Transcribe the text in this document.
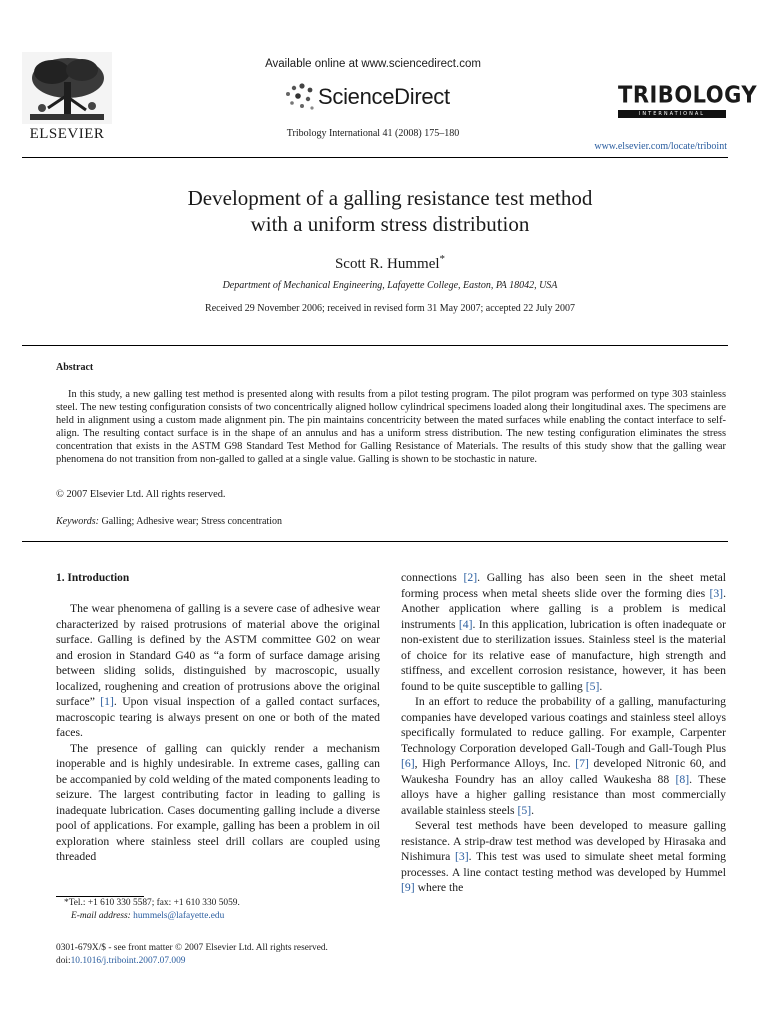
ELSEVIER
Available online at www.sciencedirect.com
ScienceDirect
Tribology International 41 (2008) 175–180
TRIBOLOGY
INTERNATIONAL
www.elsevier.com/locate/triboint
Development of a galling resistance test method
with a uniform stress distribution
Scott R. Hummel*
Department of Mechanical Engineering, Lafayette College, Easton, PA 18042, USA
Received 29 November 2006; received in revised form 31 May 2007; accepted 22 July 2007
Abstract

In this study, a new galling test method is presented along with results from a pilot testing program. The pilot program was performed on type 303 stainless steel. The new testing configuration consists of two concentrically aligned hollow cylindrical specimens loaded along their longitudinal axes. The specimens are held in alignment using a custom made alignment pin. The pin maintains concentricity between the mated surfaces while enabling the contact interface to self-align. The resulting contact surface is in the shape of an annulus and has a uniform stress distribution. The new testing configuration eliminates the stress concentration that exists in the ASTM G98 Standard Test Method for Galling Resistance of Materials. The results of this study show that the galling wear phenomena do not transition from non-galled to galled at a single value. Galling is shown to be stochastic in nature.

© 2007 Elsevier Ltd. All rights reserved.
Keywords: Galling; Adhesive wear; Stress concentration
1. Introduction

The wear phenomena of galling is a severe case of adhesive wear characterized by raised protrusions of material above the original surface. Galling is defined by the ASTM committee G02 on wear and erosion in Standard G40 as “a form of surface damage arising between sliding solids, distinguished by macroscopic, usually localized, roughening and creation of protrusions above the original surface” [1]. Upon visual inspection of a galled contact surfaces, macroscopic tearing is always present on one or both of the mated faces.

The presence of galling can quickly render a mechanism inoperable and is highly undesirable. In extreme cases, galling can be accompanied by cold welding of the mated components leading to seizure. The largest contributing factor in leading to galling is inadequate lubrication. Cases documenting galling include a diverse pool of applications. For example, galling has been a problem in oil exploration where stainless steel drill collars are coupled using threaded

connections [2]. Galling has also been seen in the sheet metal forming process when metal sheets slide over the forming dies [3]. Another application where galling is a problem is medical instruments [4]. In this application, lubrication is often inadequate or non-existent due to sterilization issues. Stainless steel is the material of choice for its relative ease of manufacture, high strength and stiffness, and excellent corrosion resistance, however, it has been found to be quite susceptible to galling [5].

In an effort to reduce the probability of a galling, manufacturing companies have developed various coatings and stainless steel alloys specifically formulated to reduce galling. For example, Carpenter Technology Corporation developed Gall-Tough and Gall-Tough Plus [6], High Performance Alloys, Inc. [7] developed Nitronic 60, and Waukesha Foundry has an alloy called Waukesha 88 [8]. These alloys have a higher galling resistance than most commercially available stainless steels [5].

Several test methods have been developed to measure galling resistance. A strip-draw test method was developed by Hirasaka and Nishimura [3]. This test was used to simulate sheet metal forming processes. A line contact testing method was developed by Hummel [9] where the

*Tel.: +1 610 330 5587; fax: +1 610 330 5059.
E-mail address: hummels@lafayette.edu
0301-679X/$ - see front matter © 2007 Elsevier Ltd. All rights reserved.
doi:10.1016/j.triboint.2007.07.009
